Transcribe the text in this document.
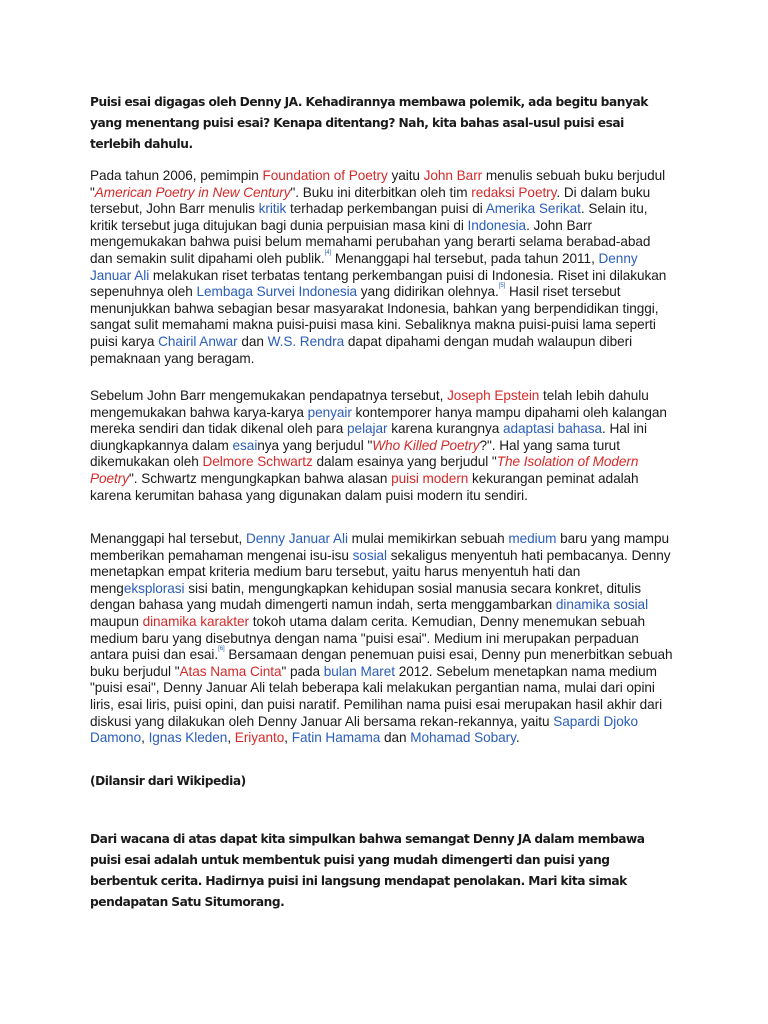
Puisi esai digagas oleh Denny JA. Kehadirannya membawa polemik, ada begitu banyak yang menentang puisi esai? Kenapa ditentang? Nah, kita bahas asal-usul puisi esai terlebih dahulu.

Pada tahun 2006, pemimpin Foundation of Poetry yaitu John Barr menulis sebuah buku berjudul "American Poetry in New Century". Buku ini diterbitkan oleh tim redaksi Poetry. Di dalam buku tersebut, John Barr menulis kritik terhadap perkembangan puisi di Amerika Serikat. Selain itu, kritik tersebut juga ditujukan bagi dunia perpuisian masa kini di Indonesia. John Barr mengemukakan bahwa puisi belum memahami perubahan yang berarti selama berabad-abad dan semakin sulit dipahami oleh publik.[4] Menanggapi hal tersebut, pada tahun 2011, Denny Januar Ali melakukan riset terbatas tentang perkembangan puisi di Indonesia. Riset ini dilakukan sepenuhnya oleh Lembaga Survei Indonesia yang didirikan olehnya.[5] Hasil riset tersebut menunjukkan bahwa sebagian besar masyarakat Indonesia, bahkan yang berpendidikan tinggi, sangat sulit memahami makna puisi-puisi masa kini. Sebaliknya makna puisi-puisi lama seperti puisi karya Chairil Anwar dan W.S. Rendra dapat dipahami dengan mudah walaupun diberi pemaknaan yang beragam.

Sebelum John Barr mengemukakan pendapatnya tersebut, Joseph Epstein telah lebih dahulu mengemukakan bahwa karya-karya penyair kontemporer hanya mampu dipahami oleh kalangan mereka sendiri dan tidak dikenal oleh para pelajar karena kurangnya adaptasi bahasa. Hal ini diungkapkannya dalam esainya yang berjudul "Who Killed Poetry?". Hal yang sama turut dikemukakan oleh Delmore Schwartz dalam esainya yang berjudul "The Isolation of Modern Poetry". Schwartz mengungkapkan bahwa alasan puisi modern kekurangan peminat adalah karena kerumitan bahasa yang digunakan dalam puisi modern itu sendiri.

Menanggapi hal tersebut, Denny Januar Ali mulai memikirkan sebuah medium baru yang mampu memberikan pemahaman mengenai isu-isu sosial sekaligus menyentuh hati pembacanya. Denny menetapkan empat kriteria medium baru tersebut, yaitu harus menyentuh hati dan mengeksplorasi sisi batin, mengungkapkan kehidupan sosial manusia secara konkret, ditulis dengan bahasa yang mudah dimengerti namun indah, serta menggambarkan dinamika sosial maupun dinamika karakter tokoh utama dalam cerita. Kemudian, Denny menemukan sebuah medium baru yang disebutnya dengan nama "puisi esai". Medium ini merupakan perpaduan antara puisi dan esai.[6] Bersamaan dengan penemuan puisi esai, Denny pun menerbitkan sebuah buku berjudul "Atas Nama Cinta" pada bulan Maret 2012. Sebelum menetapkan nama medium "puisi esai", Denny Januar Ali telah beberapa kali melakukan pergantian nama, mulai dari opini liris, esai liris, puisi opini, dan puisi naratif. Pemilihan nama puisi esai merupakan hasil akhir dari diskusi yang dilakukan oleh Denny Januar Ali bersama rekan-rekannya, yaitu Sapardi Djoko Damono, Ignas Kleden, Eriyanto, Fatin Hamama dan Mohamad Sobary.

(Dilansir dari Wikipedia)

Dari wacana di atas dapat kita simpulkan bahwa semangat Denny JA dalam membawa puisi esai adalah untuk membentuk puisi yang mudah dimengerti dan puisi yang berbentuk cerita. Hadirnya puisi ini langsung mendapat penolakan. Mari kita simak pendapatan Satu Situmorang.
